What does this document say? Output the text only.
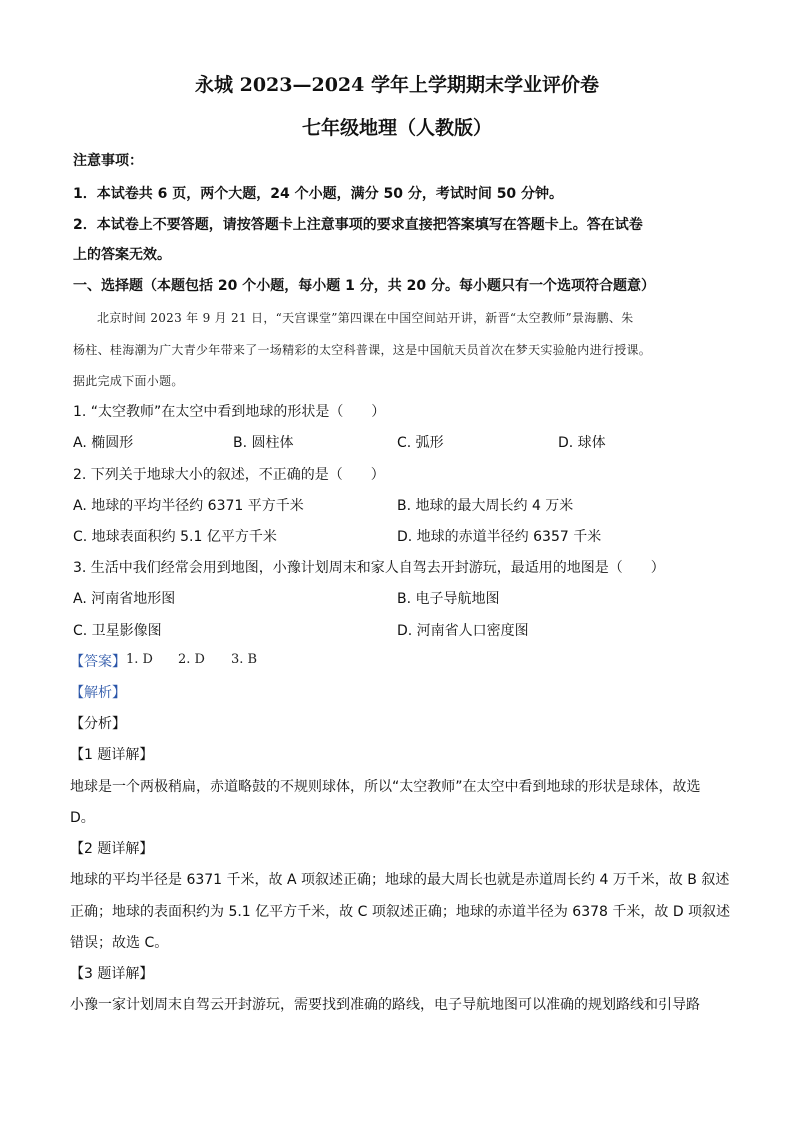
永城 2023—2024 学年上学期期末学业评价卷
七年级地理（人教版）
注意事项：
1．本试卷共 6 页，两个大题，24 个小题，满分 50 分，考试时间 50 分钟。
2．本试卷上不要答题，请按答题卡上注意事项的要求直接把答案填写在答题卡上。答在试卷
上的答案无效。
一、选择题（本题包括 20 个小题，每小题 1 分，共 20 分。每小题只有一个选项符合题意）
北京时间 2023 年 9 月 21 日，“天宫课堂”第四课在中国空间站开讲，新晋“太空教师”景海鹏、朱
杨柱、桂海潮为广大青少年带来了一场精彩的太空科普课，这是中国航天员首次在梦天实验舱内进行授课。
据此完成下面小题。
1. “太空教师”在太空中看到地球的形状是（　　）
A. 椭圆形	B. 圆柱体	C. 弧形	D. 球体
2. 下列关于地球大小的叙述，不正确的是（　　）
A. 地球的平均半径约 6371 平方千米	B. 地球的最大周长约 4 万米
C. 地球表面积约 5.1 亿平方千米	D. 地球的赤道半径约 6357 千米
3. 生活中我们经常会用到地图，小豫计划周末和家人自驾去开封游玩，最适用的地图是（　　）
A. 河南省地形图	B. 电子导航地图
C. 卫星影像图	D. 河南省人口密度图
【答案】 1. D 2. D 3. B
【解析】
【分析】
【1 题详解】
地球是一个两极稍扁，赤道略鼓的不规则球体，所以“太空教师”在太空中看到地球的形状是球体，故选
D。
【2 题详解】
地球的平均半径是 6371 千米，故 A 项叙述正确；地球的最大周长也就是赤道周长约 4 万千米，故 B 叙述
正确；地球的表面积约为 5.1 亿平方千米，故 C 项叙述正确；地球的赤道半径为 6378 千米，故 D 项叙述
错误；故选 C。
【3 题详解】
小豫一家计划周末自驾云开封游玩，需要找到准确的路线，电子导航地图可以准确的规划路线和引导路
